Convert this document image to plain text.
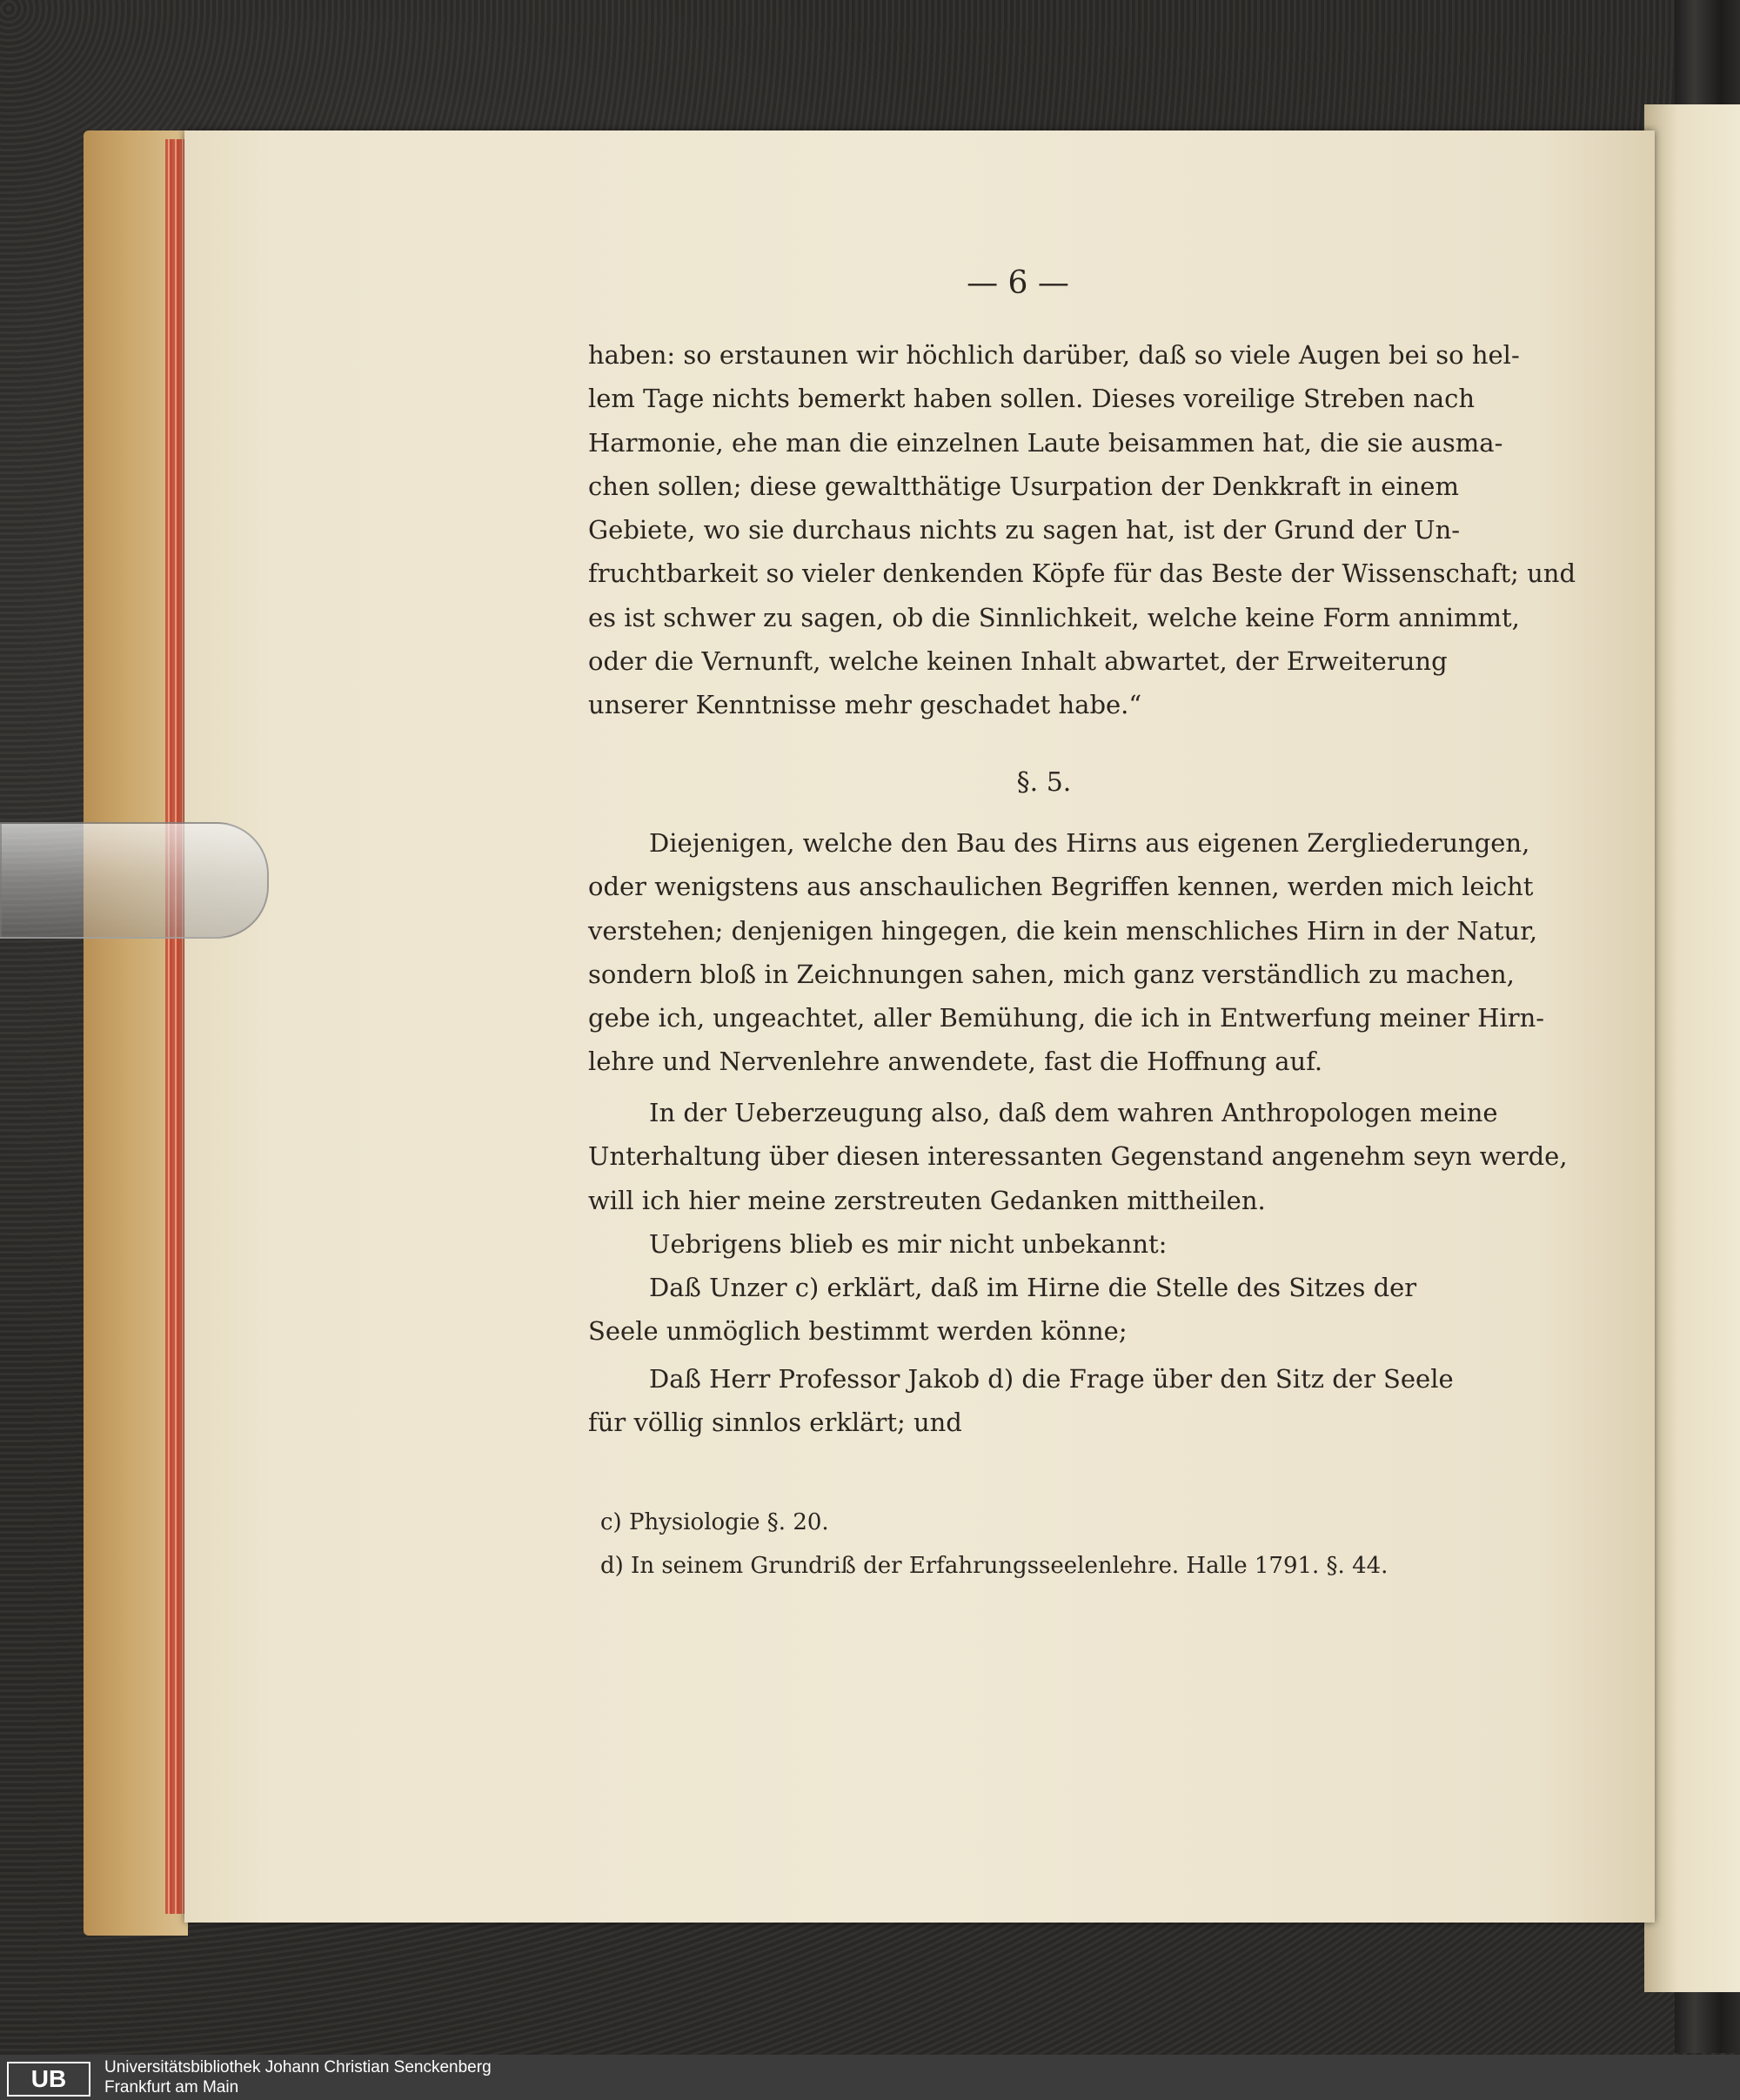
— 6 —
haben: so erstaunen wir höchlich darüber, daß so viele Augen bei so hel-
lem Tage nichts bemerkt haben sollen. Dieses voreilige Streben nach
Harmonie, ehe man die einzelnen Laute beisammen hat, die sie ausma-
chen sollen; diese gewaltthätige Usurpation der Denkkraft in einem
Gebiete, wo sie durchaus nichts zu sagen hat, ist der Grund der Un-
fruchtbarkeit so vieler denkenden Köpfe für das Beste der Wissenschaft; und
es ist schwer zu sagen, ob die Sinnlichkeit, welche keine Form annimmt,
oder die Vernunft, welche keinen Inhalt abwartet, der Erweiterung
unserer Kenntnisse mehr geschadet habe.“
§. 5.
Diejenigen, welche den Bau des Hirns aus eigenen Zergliederungen,
oder wenigstens aus anschaulichen Begriffen kennen, werden mich leicht
verstehen; denjenigen hingegen, die kein menschliches Hirn in der Natur,
sondern bloß in Zeichnungen sahen, mich ganz verständlich zu machen,
gebe ich, ungeachtet, aller Bemühung, die ich in Entwerfung meiner Hirn-
lehre und Nervenlehre anwendete, fast die Hoffnung auf.
In der Ueberzeugung also, daß dem wahren Anthropologen meine
Unterhaltung über diesen interessanten Gegenstand angenehm seyn werde,
will ich hier meine zerstreuten Gedanken mittheilen.
Uebrigens blieb es mir nicht unbekannt:
Daß Unzer c) erklärt, daß im Hirne die Stelle des Sitzes der
Seele unmöglich bestimmt werden könne;
Daß Herr Professor Jakob d) die Frage über den Sitz der Seele
für völlig sinnlos erklärt; und
c) Physiologie §. 20.
d) In seinem Grundriß der Erfahrungsseelenlehre. Halle 1791. §. 44.
UB	Universitätsbibliothek Johann Christian Senckenberg
Frankfurt am Main
